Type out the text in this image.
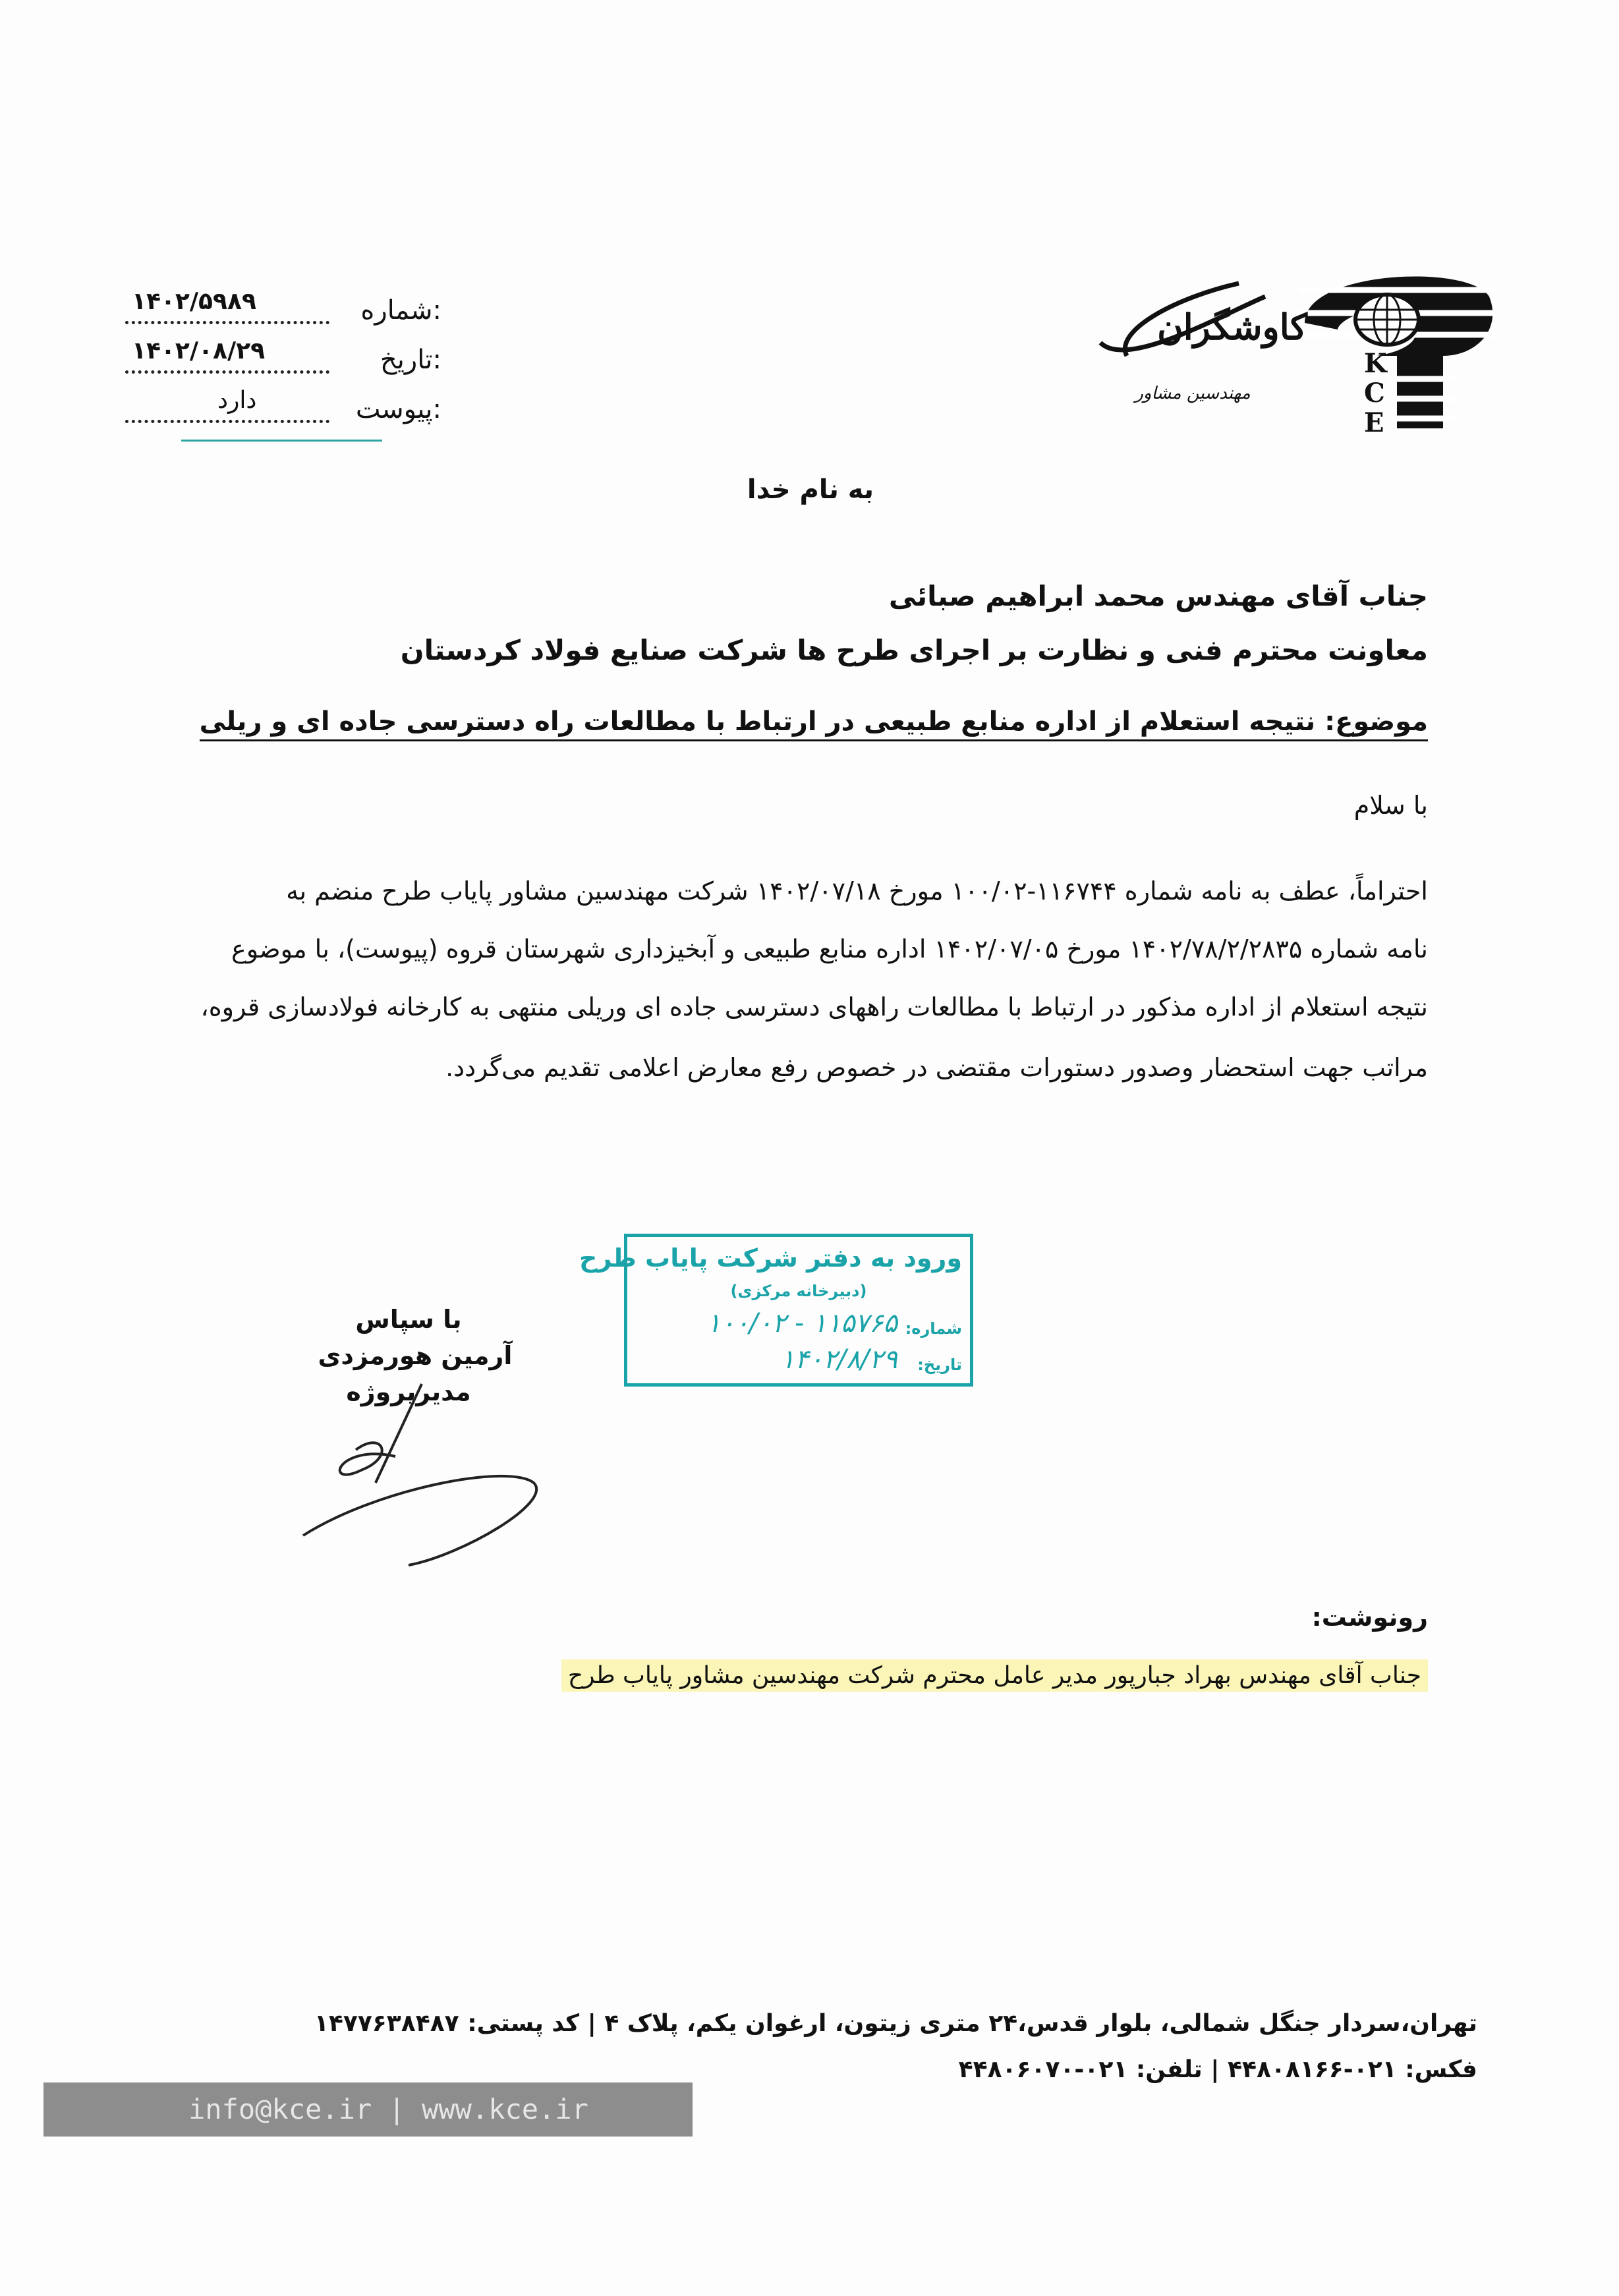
K
C
E
کاوشگران
مهندسین مشاور
شماره:
۱۴۰۲/۵۹۸۹
تاریخ:
۱۴۰۲/۰۸/۲۹
پیوست:
دارد
به نام خدا
جناب آقای مهندس محمد ابراهیم صبائی
معاونت محترم فنی و نظارت بر اجرای طرح ها شرکت صنایع فولاد کردستان
موضوع: نتیجه استعلام از اداره منابع طبیعی در ارتباط با مطالعات راه دسترسی جاده ای و ریلی
با سلام
احتراماً، عطف به نامه شماره ۱۱۶۷۴۴-۱۰۰/۰۲ مورخ ۱۴۰۲/۰۷/۱۸ شرکت مهندسین مشاور پایاب طرح منضم به
نامه شماره ۱۴۰۲/۷۸/۲/۲۸۳۵ مورخ ۱۴۰۲/۰۷/۰۵ اداره منابع طبیعی و آبخیزداری شهرستان قروه (پیوست)، با موضوع
نتیجه استعلام از اداره مذکور در ارتباط با مطالعات راههای دسترسی جاده ای وریلی منتهی به کارخانه فولادسازی قروه،
مراتب جهت استحضار وصدور دستورات مقتضی در خصوص رفع معارض اعلامی تقدیم می‌گردد.
ورود به دفتر شرکت پایاب طرح
(دبیرخانه مرکزی)
شماره:
۱۱۵۷۶۵ - ۱۰۰/۰۲
تاریخ:
۱۴۰۲/۸/۲۹
با سپاس
آرمین هورمزدی
مدیرپروژه
رونوشت:
جناب آقای مهندس بهراد جبارپور مدیر عامل محترم شرکت مهندسین مشاور پایاب طرح
تهران،سردار جنگل شمالی، بلوار قدس،۲۴ متری زیتون، ارغوان یکم، پلاک ۴ | کد پستی: ۱۴۷۷۶۳۸۴۸۷
فکس: ۰۲۱-۴۴۸۰۸۱۶۶ | تلفن: ۰۲۱-۴۴۸۰۶۰۷۰
info@kce.ir | www.kce.ir
